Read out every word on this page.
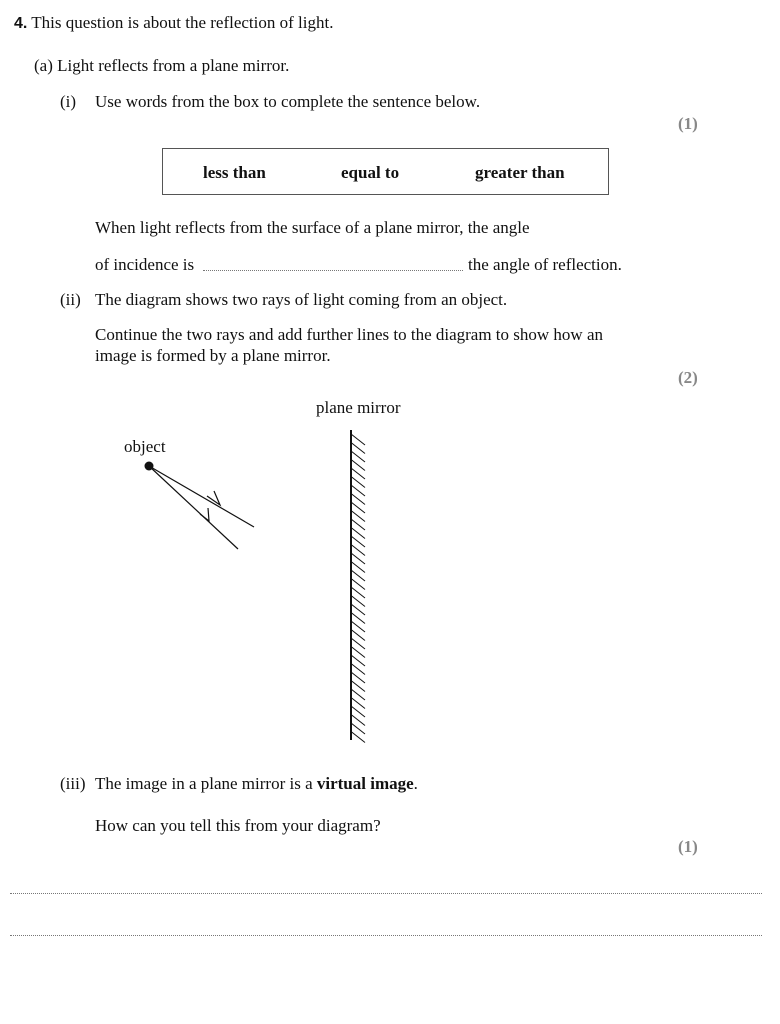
4. This question is about the reflection of light.
(a) Light reflects from a plane mirror.
(i) Use words from the box to complete the sentence below.
(1)
less than	equal to	greater than
When light reflects from the surface of a plane mirror, the angle
of incidence is	the angle of reflection.
(ii) The diagram shows two rays of light coming from an object.
Continue the two rays and add further lines to the diagram to show how an
image is formed by a plane mirror.
(2)
plane mirror
object
(iii) The image in a plane mirror is a virtual image.
How can you tell this from your diagram?
(1)
